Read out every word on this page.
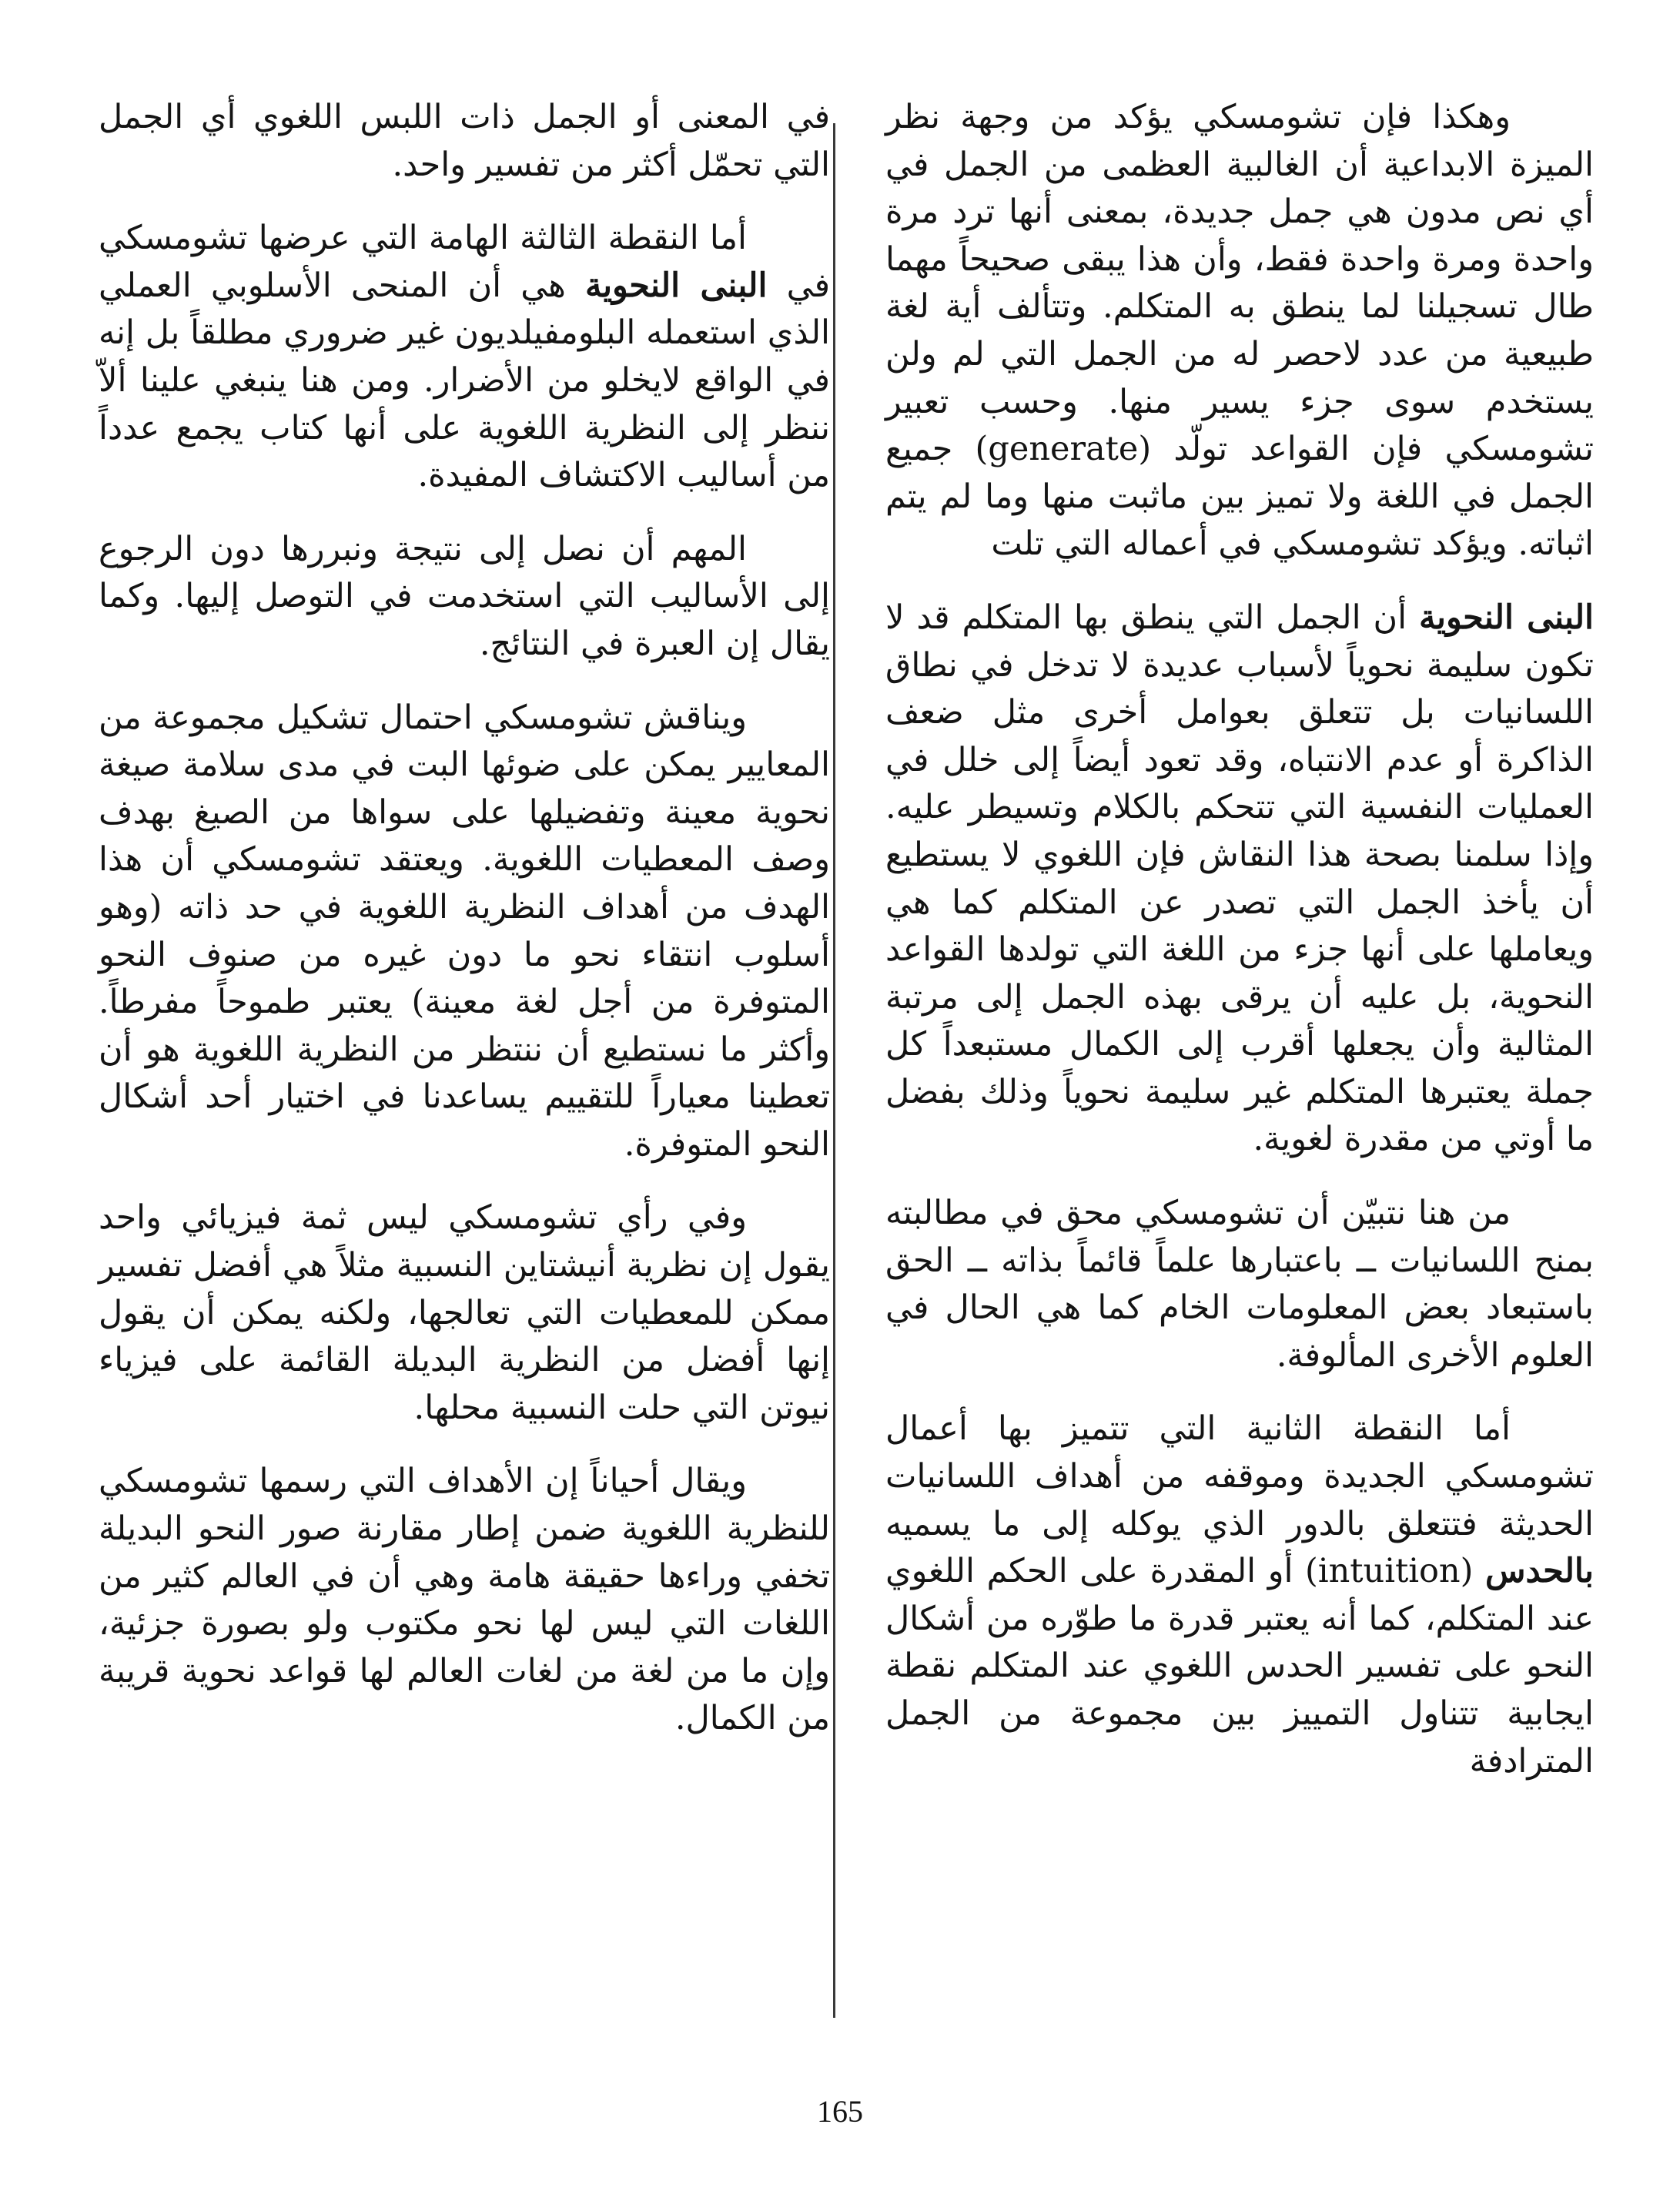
وهكذا فإن تشومسكي يؤكد من وجهة نظر الميزة الابداعية أن الغالبية العظمى من الجمل في أي نص مدون هي جمل جديدة، بمعنى أنها ترد مرة واحدة ومرة واحدة فقط، وأن هذا يبقى صحيحاً مهما طال تسجيلنا لما ينطق به المتكلم. وتتألف أية لغة طبيعية من عدد لاحصر له من الجمل التي لم ولن يستخدم سوى جزء يسير منها. وحسب تعبير تشومسكي فإن القواعد تولّد (generate) جميع الجمل في اللغة ولا تميز بين ماثبت منها وما لم يتم اثباته. ويؤكد تشومسكي في أعماله التي تلت

البنى النحوية أن الجمل التي ينطق بها المتكلم قد لا تكون سليمة نحوياً لأسباب عديدة لا تدخل في نطاق اللسانيات بل تتعلق بعوامل أخرى مثل ضعف الذاكرة أو عدم الانتباه، وقد تعود أيضاً إلى خلل في العمليات النفسية التي تتحكم بالكلام وتسيطر عليه. وإذا سلمنا بصحة هذا النقاش فإن اللغوي لا يستطيع أن يأخذ الجمل التي تصدر عن المتكلم كما هي ويعاملها على أنها جزء من اللغة التي تولدها القواعد النحوية، بل عليه أن يرقى بهذه الجمل إلى مرتبة المثالية وأن يجعلها أقرب إلى الكمال مستبعداً كل جملة يعتبرها المتكلم غير سليمة نحوياً وذلك بفضل ما أوتي من مقدرة لغوية.

من هنا نتبيّن أن تشومسكي محق في مطالبته بمنح اللسانيات ــ باعتبارها علماً قائماً بذاته ــ الحق باستبعاد بعض المعلومات الخام كما هي الحال في العلوم الأخرى المألوفة.

أما النقطة الثانية التي تتميز بها أعمال تشومسكي الجديدة وموقفه من أهداف اللسانيات الحديثة فتتعلق بالدور الذي يوكله إلى ما يسميه بالحدس (intuition) أو المقدرة على الحكم اللغوي عند المتكلم، كما أنه يعتبر قدرة ما طوّره من أشكال النحو على تفسير الحدس اللغوي عند المتكلم نقطة ايجابية تتناول التمييز بين مجموعة من الجمل المترادفة

في المعنى أو الجمل ذات اللبس اللغوي أي الجمل التي تحمّل أكثر من تفسير واحد.

أما النقطة الثالثة الهامة التي عرضها تشومسكي في البنى النحوية هي أن المنحى الأسلوبي العملي الذي استعمله البلومفيلديون غير ضروري مطلقاً بل إنه في الواقع لايخلو من الأضرار. ومن هنا ينبغي علينا ألاّ ننظر إلى النظرية اللغوية على أنها كتاب يجمع عدداً من أساليب الاكتشاف المفيدة.

المهم أن نصل إلى نتيجة ونبررها دون الرجوع إلى الأساليب التي استخدمت في التوصل إليها. وكما يقال إن العبرة في النتائج.

ويناقش تشومسكي احتمال تشكيل مجموعة من المعايير يمكن على ضوئها البت في مدى سلامة صيغة نحوية معينة وتفضيلها على سواها من الصيغ بهدف وصف المعطيات اللغوية. ويعتقد تشومسكي أن هذا الهدف من أهداف النظرية اللغوية في حد ذاته (وهو أسلوب انتقاء نحو ما دون غيره من صنوف النحو المتوفرة من أجل لغة معينة) يعتبر طموحاً مفرطاً. وأكثر ما نستطيع أن ننتظر من النظرية اللغوية هو أن تعطينا معياراً للتقييم يساعدنا في اختيار أحد أشكال النحو المتوفرة.

وفي رأي تشومسكي ليس ثمة فيزيائي واحد يقول إن نظرية أنيشتاين النسبية مثلاً هي أفضل تفسير ممكن للمعطيات التي تعالجها، ولكنه يمكن أن يقول إنها أفضل من النظرية البديلة القائمة على فيزياء نيوتن التي حلت النسبية محلها.

ويقال أحياناً إن الأهداف التي رسمها تشومسكي للنظرية اللغوية ضمن إطار مقارنة صور النحو البديلة تخفي وراءها حقيقة هامة وهي أن في العالم كثير من اللغات التي ليس لها نحو مكتوب ولو بصورة جزئية، وإن ما من لغة من لغات العالم لها قواعد نحوية قريبة من الكمال.

165
